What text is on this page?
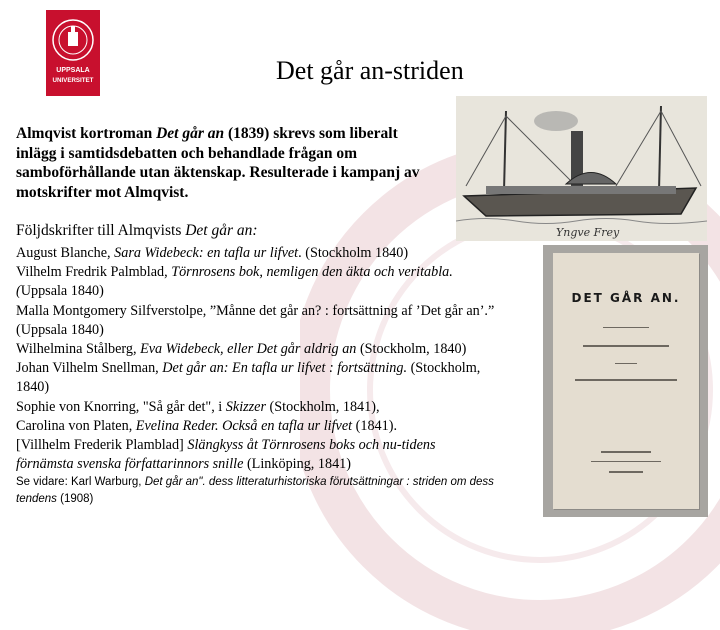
UPPSALA
UNIVERSITET	Det går an-striden
Almqvist kortroman Det går an (1839) skrevs som liberalt inlägg i samtidsdebatten och behandlade frågan om samboförhållande utan äktenskap. Resulterade i kampanj av motskrifter mot Almqvist.
Yngve Frey
DET GÅR AN.
Följdskrifter till Almqvists Det går an:

August Blanche, Sara Widebeck: en tafla ur lifvet. (Stockholm 1840)

Vilhelm Fredrik Palmblad, Törnrosens bok, nemligen den äkta och veritabla. (Uppsala 1840)

Malla Montgomery Silfverstolpe, ”Månne det går an? : fortsättning af ’Det går an’.” (Uppsala 1840)

Wilhelmina Stålberg, Eva Widebeck, eller Det går aldrig an (Stockholm, 1840)

Johan Vilhelm Snellman, Det går an: En tafla ur lifvet : fortsättning. (Stockholm, 1840)

Sophie von Knorring, "Så går det", i Skizzer (Stockholm, 1841),

Carolina von Platen, Evelina Reder. Också en tafla ur lifvet (1841).

[Villhelm Frederik Plamblad] Slängkyss åt Törnrosens boks och nu-tidens förnämsta svenska författarinnors snille (Linköping, 1841)

Se vidare: Karl Warburg, Det går an". dess litteraturhistoriska förutsättningar : striden om dess tendens (1908)
